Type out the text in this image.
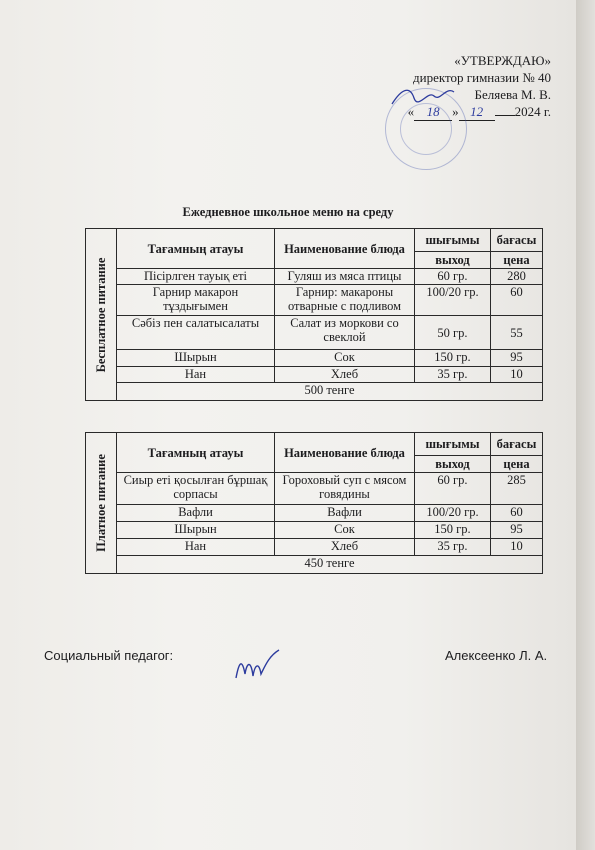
«УТВЕРЖДАЮ»
директор гимназии № 40
Беляева М. В.
« 18 » 12 2024 г.
Ежедневное школьное меню на среду
Бесплатное питание	Тағамның атауы	Наименование блюда	шығымы	бағасы
			выход	цена
	Пісірлген тауық еті	Гуляш из мяса птицы	60 гр.	280
	Гарнир макарон тұздығымен	Гарнир: макароны отварные с подливом	100/20 гр.	60
	Сәбіз пен салатысалаты	Салат из моркови со свеклой	50 гр.	55
	Шырын	Сок	150 гр.	95
	Нан	Хлеб	35 гр.	10
	500 тенге			
Платное питание	Тағамның атауы	Наименование блюда	шығымы	бағасы
			выход	цена
	Сиыр еті қосылған бұршақ сорпасы	Гороховый суп с мясом говядины	60 гр.	285
	Вафли	Вафли	100/20 гр.	60
	Шырын	Сок	150 гр.	95
	Нан	Хлеб	35 гр.	10
	450 тенге			
Социальный педагог:	Алексеенко Л. А.
